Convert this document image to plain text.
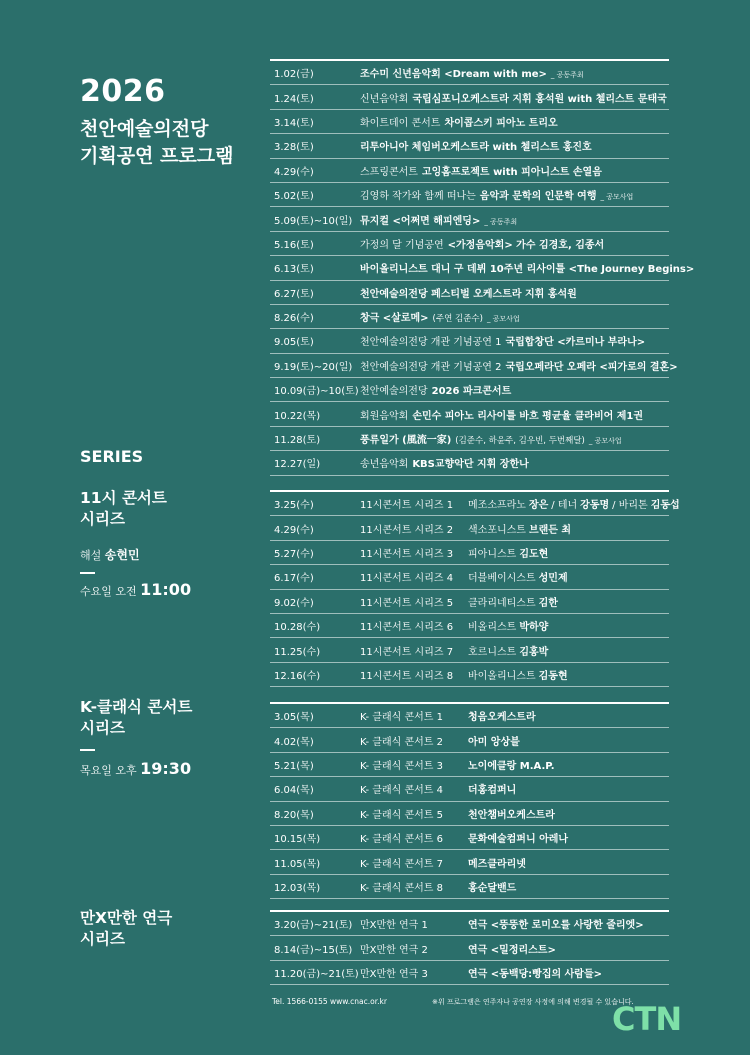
2026
천안예술의전당
기획공연 프로그램
SERIES
11시 콘서트
시리즈
해설 송현민
수요일 오전 11:00
K-클래식 콘서트
시리즈
목요일 오후 19:30
만X만한 연극
시리즈
1.02(금)	조수미 신년음악회 <Dream with me> _ 공동주최
1.24(토)	신년음악회 국립심포니오케스트라 지휘 홍석원 with 첼리스트 문태국
3.14(토)	화이트데이 콘서트 차이콥스키 피아노 트리오
3.28(토)	리투아니아 체임버오케스트라 with 첼리스트 홍진호
4.29(수)	스프링콘서트 고잉홈프로젝트 with 피아니스트 손열음
5.02(토)	김영하 작가와 함께 떠나는 음악과 문학의 인문학 여행 _ 공모사업
5.09(토)~10(일) 뮤지컬 <어쩌면 해피엔딩> _ 공동주최
5.16(토)	가정의 달 기념공연 <가정음악회> 가수 김경호, 김종서
6.13(토)	바이올리니스트 대니 구 데뷔 10주년 리사이틀 <The Journey Begins>
6.27(토)	천안예술의전당 페스티벌 오케스트라 지휘 홍석원
8.26(수)	창극 <살로메> (주연 김준수) _ 공모사업
9.05(토)	천안예술의전당 개관 기념공연 1 국립합창단 <카르미나 부라나>
9.19(토)~20(일) 천안예술의전당 개관 기념공연 2 국립오페라단 오페라 <피가로의 결혼>
10.09(금)~10(토) 천안예술의전당 2026 파크콘서트
10.22(목)	회원음악회 손민수 피아노 리사이틀 바흐 평균율 클라비어 제1권
11.28(토)	풍류일가 (風流一家) (김준수, 하윤주, 김우빈, 두번째달) _ 공모사업
12.27(일)	송년음악회 KBS교향악단 지휘 장한나
3.25(수)	11시콘서트 시리즈 1	메조소프라노 장은 / 테너 강동명 / 바리톤 김동섭
4.29(수)	11시콘서트 시리즈 2	색소포니스트 브랜든 최
5.27(수)	11시콘서트 시리즈 3	피아니스트 김도현
6.17(수)	11시콘서트 시리즈 4	더블베이시스트 성민제
9.02(수)	11시콘서트 시리즈 5	클라리네티스트 김한
10.28(수)	11시콘서트 시리즈 6	비올리스트 박하양
11.25(수)	11시콘서트 시리즈 7	호르니스트 김홍박
12.16(수)	11시콘서트 시리즈 8	바이올리니스트 김동현
3.05(목)	K- 클래식 콘서트 1	청음오케스트라
4.02(목)	K- 클래식 콘서트 2	아미 앙상블
5.21(목)	K- 클래식 콘서트 3	노이에클랑 M.A.P.
6.04(목)	K- 클래식 콘서트 4	더홍컴퍼니
8.20(목)	K- 클래식 콘서트 5	천안챔버오케스트라
10.15(목)	K- 클래식 콘서트 6	문화예술컴퍼니 아레나
11.05(목)	K- 클래식 콘서트 7	메즈클라리넷
12.03(목)	K- 클래식 콘서트 8	홍순달밴드
3.20(금)~21(토) 만X만한 연극 1	연극 <뚱뚱한 로미오를 사랑한 줄리엣>
8.14(금)~15(토) 만X만한 연극 2	연극 <밀정리스트>
11.20(금)~21(토) 만X만한 연극 3	연극 <동백당:빵집의 사람들>
Tel. 1566-0155 www.cnac.or.kr	※위 프로그램은 연주자나 공연장 사정에 의해 변경될 수 있습니다.
CTN
